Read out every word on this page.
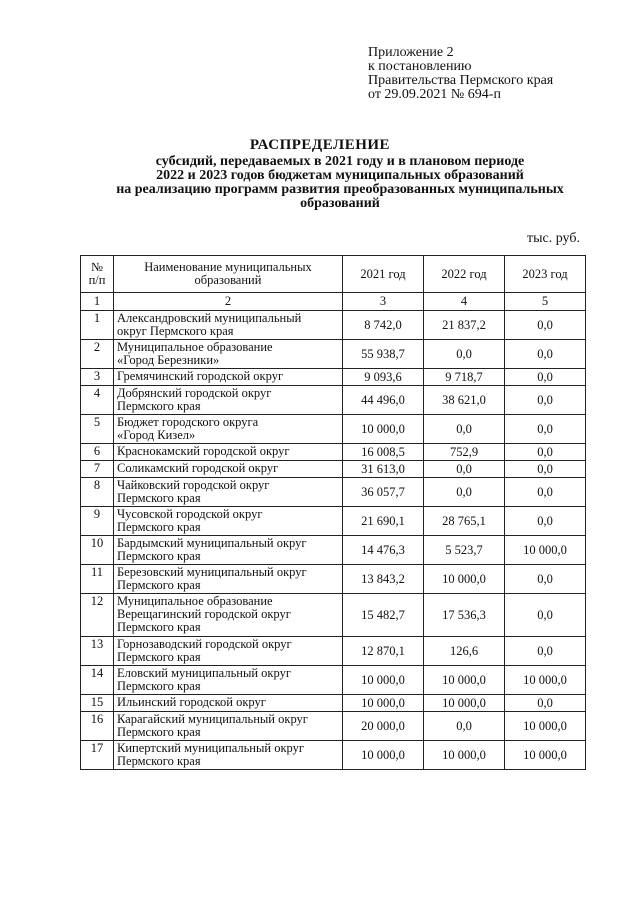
Приложение 2
к постановлению
Правительства Пермского края
от 29.09.2021 № 694-п
РАСПРЕДЕЛЕНИЕ
субсидий, передаваемых в 2021 году и в плановом периоде
2022 и 2023 годов бюджетам муниципальных образований
на реализацию программ развития преобразованных муниципальных
образований
тыс. руб.
№
п/п	Наименование муниципальных образований	2021 год	2022 год	2023 год
1	2	3	4	5
1	Александровский муниципальный
округ Пермского края	8 742,0	21 837,2	0,0
2	Муниципальное образование
«Город Березники»	55 938,7	0,0	0,0
3	Гремячинский городской округ	9 093,6	9 718,7	0,0
4	Добрянский городской округ
Пермского края	44 496,0	38 621,0	0,0
5	Бюджет городского округа
«Город Кизел»	10 000,0	0,0	0,0
6	Краснокамский городской округ	16 008,5	752,9	0,0
7	Соликамский городской округ	31 613,0	0,0	0,0
8	Чайковский городской округ
Пермского края	36 057,7	0,0	0,0
9	Чусовской городской округ
Пермского края	21 690,1	28 765,1	0,0
10	Бардымский муниципальный округ
Пермского края	14 476,3	5 523,7	10 000,0
11	Березовский муниципальный округ
Пермского края	13 843,2	10 000,0	0,0
12	Муниципальное образование
Верещагинский городской округ
Пермского края	15 482,7	17 536,3	0,0
13	Горнозаводский городской округ
Пермского края	12 870,1	126,6	0,0
14	Еловский муниципальный округ
Пермского края	10 000,0	10 000,0	10 000,0
15	Ильинский городской округ	10 000,0	10 000,0	0,0
16	Карагайский муниципальный округ
Пермского края	20 000,0	0,0	10 000,0
17	Кипертский муниципальный округ
Пермского края	10 000,0	10 000,0	10 000,0
